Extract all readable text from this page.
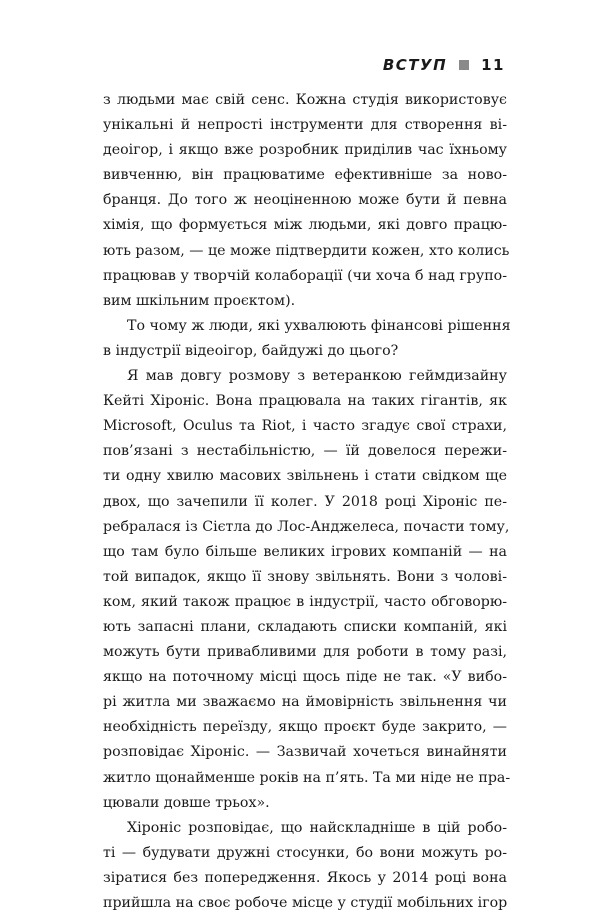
ВСТУП 11
з людьми має свій сенс. Кожна студія використовує
унікальні й непрості інструменти для створення ві-
деоігор, і якщо вже розробник приділив час їхньому
вивченню, він працюватиме ефективніше за ново-
бранця. До того ж неоціненною може бути й певна
хімія, що формується між людьми, які довго працю-
ють разом, — це може підтвердити кожен, хто колись
працював у творчій колаборації (чи хоча б над групо-
вим шкільним проєктом).
То чому ж люди, які ухвалюють фінансові рішення
в індустрії відеоігор, байдужі до цього?
Я мав довгу розмову з ветеранкою геймдизайну
Кейті Хіроніс. Вона працювала на таких гігантів, як
Microsoft, Oculus та Riot, і часто згадує свої страхи,
пов’язані з нестабільністю, — їй довелося пережи-
ти одну хвилю масових звільнень і стати свідком ще
двох, що зачепили її колег. У 2018 році Хіроніс пе-
ребралася із Сієтла до Лос-Анджелеса, почасти тому,
що там було більше великих ігрових компаній — на
той випадок, якщо її знову звільнять. Вони з чолові-
ком, який також працює в індустрії, часто обговорю-
ють запасні плани, складають списки компаній, які
можуть бути привабливими для роботи в тому разі,
якщо на поточному місці щось піде не так. «У вибо-
рі житла ми зважаємо на ймовірність звільнення чи
необхідність переїзду, якщо проєкт буде закрито, —
розповідає Хіроніс. — Зазвичай хочеться винайняти
житло щонайменше років на п’ять. Та ми ніде не пра-
цювали довше трьох».
Хіроніс розповідає, що найскладніше в цій робо-
ті — будувати дружні стосунки, бо вони можуть ро-
зіратися без попередження. Якось у 2014 році вона
прийшла на своє робоче місце у студії мобільних ігор
